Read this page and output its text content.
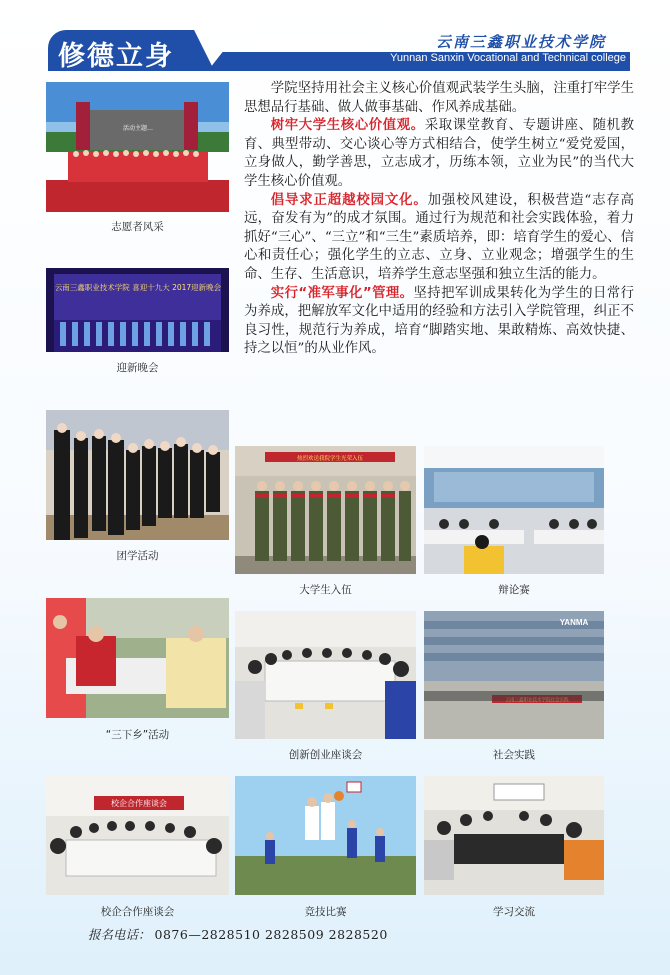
修德立身	云南三鑫职业技术学院
Yunnan Sanxin Vocational and Technical college
活动主题…
志愿者风采
云南三鑫职业技术学院 喜迎十九大 2017迎新晚会
迎新晚会
团学活动

学院坚持用社会主义核心价值观武装学生头脑，注重打牢学生思想品行基础、做人做事基础、作风养成基础。

树牢大学生核心价值观。采取课堂教育、专题讲座、随机教育、典型带动、交心谈心等方式相结合，使学生树立“爱党爱国，立身做人，勤学善思，立志成才，历练本领，立业为民”的当代大学生核心价值观。

倡导求正超越校园文化。加强校风建设，积极营造“志存高远，奋发有为”的成才氛围。通过行为规范和社会实践体验，着力抓好“三心”、“三立”和“三生”素质培养，即：培育学生的爱心、信心和责任心；强化学生的立志、立身、立业观念；增强学生的生命、生存、生活意识，培养学生意志坚强和独立生活的能力。

实行“准军事化”管理。坚持把军训成果转化为学生的日常行为养成，把解放军文化中适用的经验和方法引入学院管理，纠正不良习性，规范行为养成，培育“脚踏实地、果敢精炼、高效快捷、持之以恒”的从业作风。

热烈欢送我院学生光荣入伍
大学生入伍	辩论赛
“三下乡”活动
创新创业座谈会
YANMA
社会实践
校企合作座谈会
校企合作座谈会	竞技比赛	学习交流
报名电话： 0876—2828510 2828509 2828520
